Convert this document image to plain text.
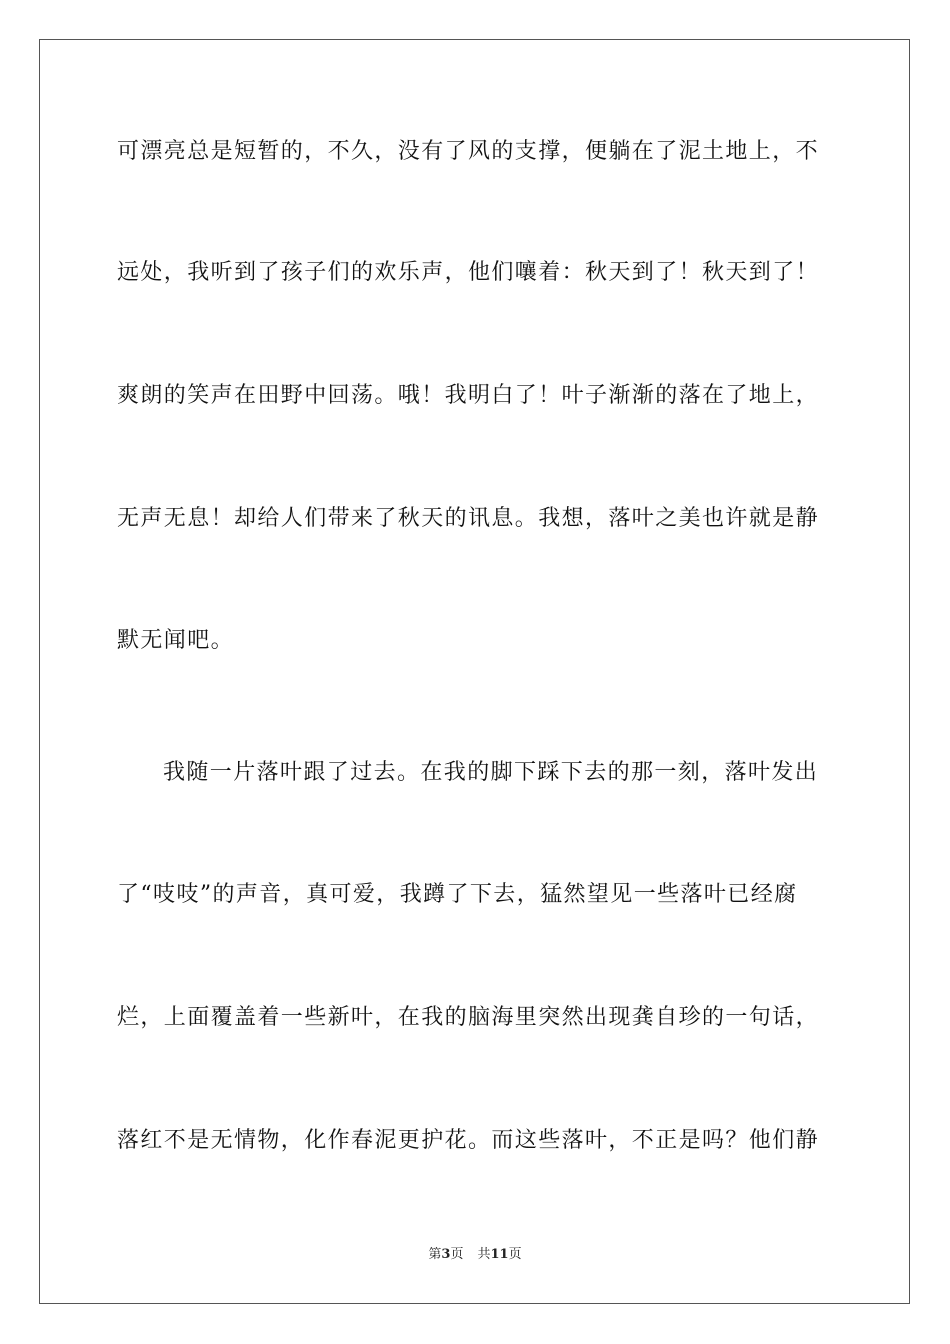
可漂亮总是短暂的，不久，没有了风的支撑，便躺在了泥土地上，不
远处，我听到了孩子们的欢乐声，他们嚷着：秋天到了！秋天到了！
爽朗的笑声在田野中回荡。哦！我明白了！叶子渐渐的落在了地上，
无声无息！却给人们带来了秋天的讯息。我想，落叶之美也许就是静
默无闻吧。
我随一片落叶跟了过去。在我的脚下踩下去的那一刻，落叶发出
了“吱吱”的声音，真可爱，我蹲了下去，猛然望见一些落叶已经腐
烂，上面覆盖着一些新叶，在我的脑海里突然出现龚自珍的一句话，
落红不是无情物，化作春泥更护花。而这些落叶，不正是吗？他们静
第3页 共11页
